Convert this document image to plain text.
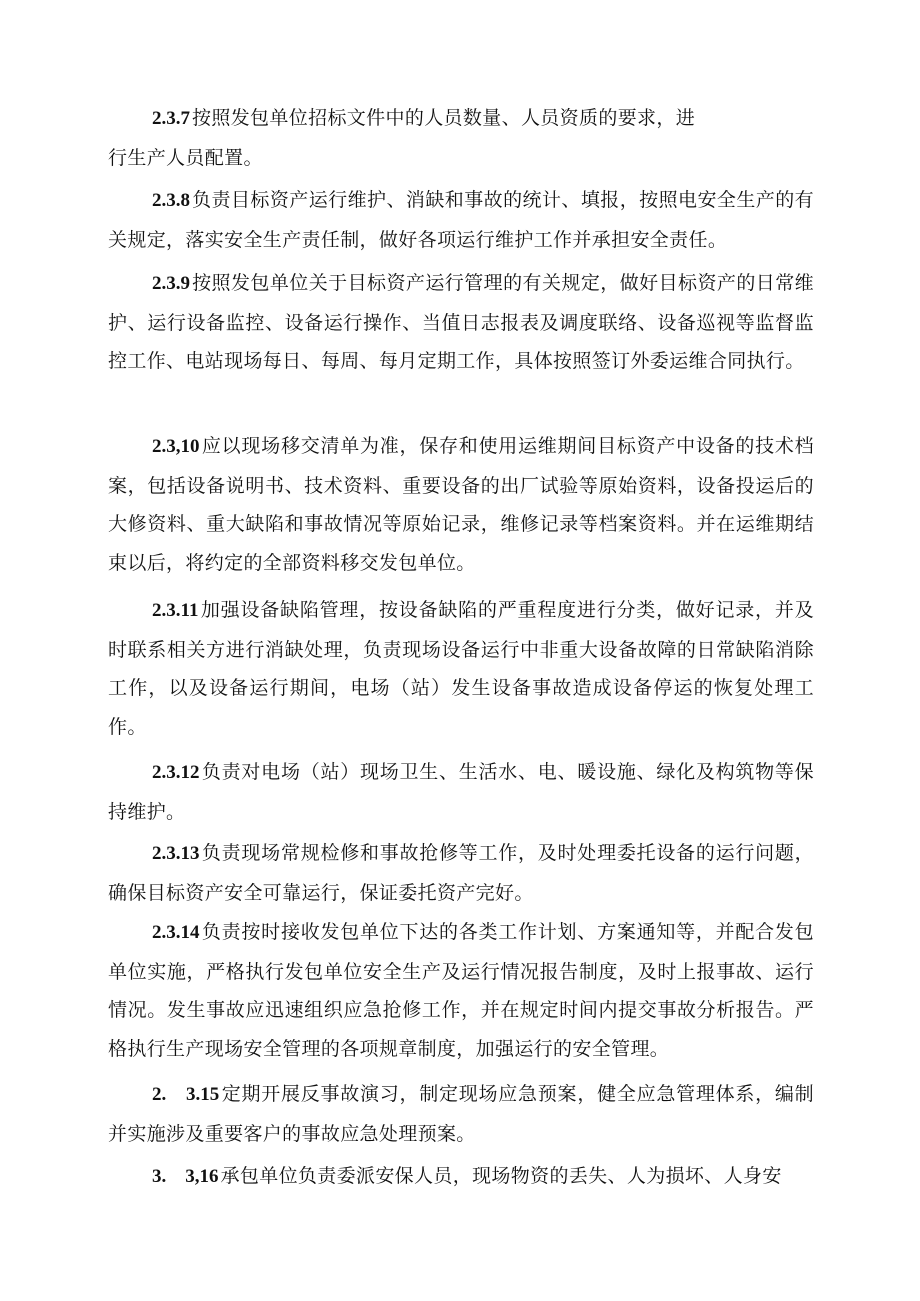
2.3.7 按照发包单位招标文件中的人员数量、人员资质的要求，进
行生产人员配置。

2.3.8 负责目标资产运行维护、消缺和事故的统计、填报，按照电安全生产的有关规定，落实安全生产责任制，做好各项运行维护工作并承担安全责任。

2.3.9 按照发包单位关于目标资产运行管理的有关规定，做好目标资产的日常维护、运行设备监控、设备运行操作、当值日志报表及调度联络、设备巡视等监督监控工作、电站现场每日、每周、每月定期工作，具体按照签订外委运维合同执行。

2.3,10 应以现场移交清单为准，保存和使用运维期间目标资产中设备的技术档案，包括设备说明书、技术资料、重要设备的出厂试验等原始资料，设备投运后的大修资料、重大缺陷和事故情况等原始记录，维修记录等档案资料。并在运维期结束以后，将约定的全部资料移交发包单位。

2.3.11 加强设备缺陷管理，按设备缺陷的严重程度进行分类，做好记录，并及时联系相关方进行消缺处理，负责现场设备运行中非重大设备故障的日常缺陷消除工作，以及设备运行期间，电场（站）发生设备事故造成设备停运的恢复处理工作。

2.3.12 负责对电场（站）现场卫生、生活水、电、暖设施、绿化及构筑物等保持维护。

2.3.13 负责现场常规检修和事故抢修等工作，及时处理委托设备的运行问题，确保目标资产安全可靠运行，保证委托资产完好。

2.3.14 负责按时接收发包单位下达的各类工作计划、方案通知等，并配合发包单位实施，严格执行发包单位安全生产及运行情况报告制度，及时上报事故、运行情况。发生事故应迅速组织应急抢修工作，并在规定时间内提交事故分析报告。严格执行生产现场安全管理的各项规章制度，加强运行的安全管理。

2.　3.15 定期开展反事故演习，制定现场应急预案，健全应急管理体系，编制并实施涉及重要客户的事故应急处理预案。

3.　3,16 承包单位负责委派安保人员，现场物资的丢失、人为损坏、人身安
